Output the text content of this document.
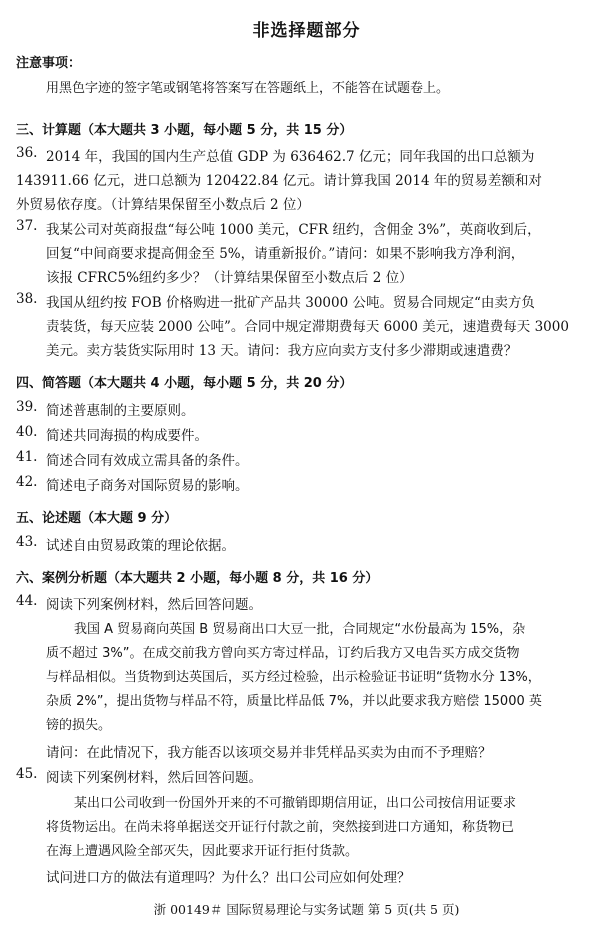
非选择题部分
注意事项：
用黑色字迹的签字笔或钢笔将答案写在答题纸上，不能答在试题卷上。
三、计算题（本大题共 3 小题，每小题 5 分，共 15 分）
36. 2014 年，我国的国内生产总值 GDP 为 636462.7 亿元；同年我国的出口总额为
143911.66 亿元，进口总额为 120422.84 亿元。请计算我国 2014 年的贸易差额和对
外贸易依存度。（计算结果保留至小数点后 2 位）
37. 我某公司对英商报盘“每公吨 1000 美元，CFR 纽约，含佣金 3%”，英商收到后，
回复“中间商要求提高佣金至 5%，请重新报价。”请问：如果不影响我方净利润，
该报 CFRC5%纽约多少？（计算结果保留至小数点后 2 位）
38. 我国从纽约按 FOB 价格购进一批矿产品共 30000 公吨。贸易合同规定“由卖方负
责装货，每天应装 2000 公吨”。合同中规定滞期费每天 6000 美元，速遣费每天 3000
美元。卖方装货实际用时 13 天。请问：我方应向卖方支付多少滞期或速遣费？
四、简答题（本大题共 4 小题，每小题 5 分，共 20 分）
39. 简述普惠制的主要原则。
40. 简述共同海损的构成要件。
41. 简述合同有效成立需具备的条件。
42. 简述电子商务对国际贸易的影响。
五、论述题（本大题 9 分）
43. 试述自由贸易政策的理论依据。
六、案例分析题（本大题共 2 小题，每小题 8 分，共 16 分）
44. 阅读下列案例材料，然后回答问题。
我国 A 贸易商向英国 B 贸易商出口大豆一批，合同规定“水份最高为 15%，杂
质不超过 3%”。在成交前我方曾向买方寄过样品，订约后我方又电告买方成交货物
与样品相似。当货物到达英国后，买方经过检验，出示检验证书证明“货物水分 13%，
杂质 2%”，提出货物与样品不符，质量比样品低 7%，并以此要求我方赔偿 15000 英
镑的损失。
请问：在此情况下，我方能否以该项交易并非凭样品买卖为由而不予理赔？
45. 阅读下列案例材料，然后回答问题。
某出口公司收到一份国外开来的不可撤销即期信用证，出口公司按信用证要求
将货物运出。在尚未将单据送交开证行付款之前，突然接到进口方通知，称货物已
在海上遭遇风险全部灭失，因此要求开证行拒付货款。
试问进口方的做法有道理吗？为什么？出口公司应如何处理？
浙 00149＃ 国际贸易理论与实务试题 第 5 页(共 5 页)
